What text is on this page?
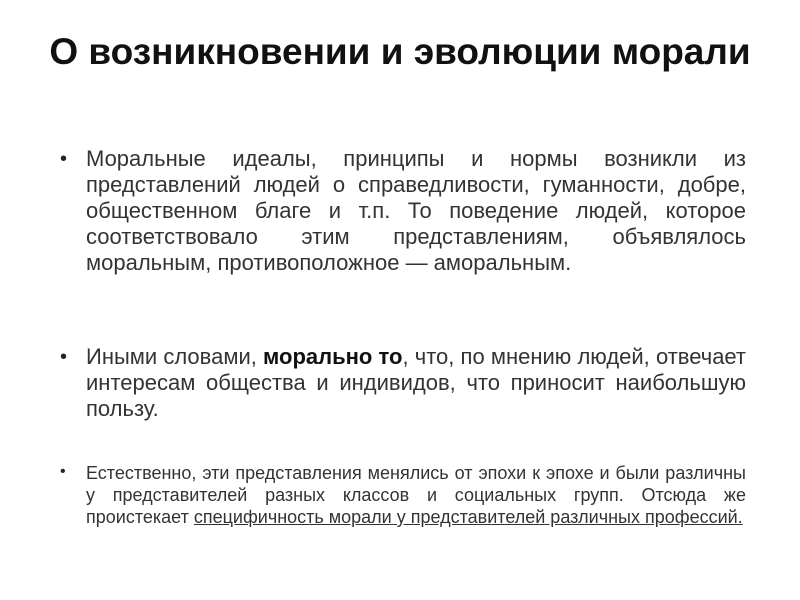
О возникновении и эволюции морали
• Моральные идеалы, принципы и нормы возникли из представлений людей о справедливости, гуманности, добре, общественном благе и т.п. То поведение людей, которое соответствовало этим представлениям, объявлялось моральным, противоположное — аморальным.
• Иными словами, морально то, что, по мнению людей, отвечает интересам общества и индивидов, что приносит наибольшую пользу.
• Естественно, эти представления менялись от эпохи к эпохе и были различны у представителей разных классов и социальных групп. Отсюда же проистекает специфичность морали у представителей различных профессий.
